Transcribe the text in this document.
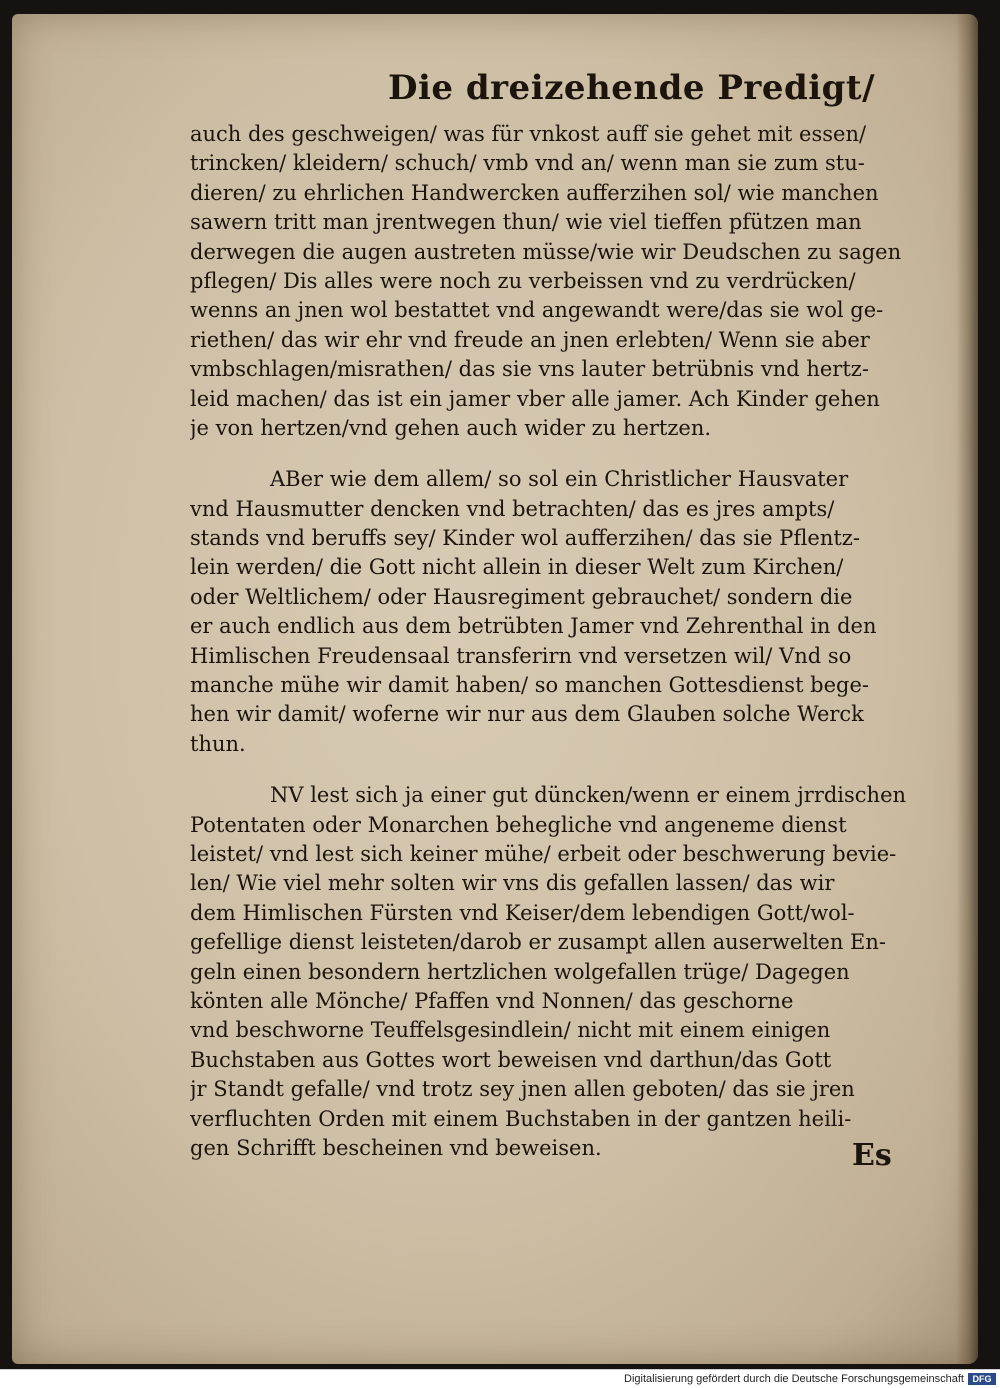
Die dreizehende Predigt/
auch des geschweigen/ was für vnkost auff sie gehet mit essen/
trincken/ kleidern/ schuch/ vmb vnd an/ wenn man sie zum stu-
dieren/ zu ehrlichen Handwercken aufferzihen sol/ wie manchen
sawern tritt man jrentwegen thun/ wie viel tieffen pfützen man
derwegen die augen austreten müsse/wie wir Deudschen zu sagen
pflegen/ Dis alles were noch zu verbeissen vnd zu verdrücken/
wenns an jnen wol bestattet vnd angewandt were/das sie wol ge-
riethen/ das wir ehr vnd freude an jnen erlebten/ Wenn sie aber
vmbschlagen/misrathen/ das sie vns lauter betrübnis vnd hertz-
leid machen/ das ist ein jamer vber alle jamer. Ach Kinder gehen
je von hertzen/vnd gehen auch wider zu hertzen.
ABer wie dem allem/ so sol ein Christlicher Hausvater
vnd Hausmutter dencken vnd betrachten/ das es jres ampts/
stands vnd beruffs sey/ Kinder wol aufferzihen/ das sie Pflentz-
lein werden/ die Gott nicht allein in dieser Welt zum Kirchen/
oder Weltlichem/ oder Hausregiment gebrauchet/ sondern die
er auch endlich aus dem betrübten Jamer vnd Zehrenthal in den
Himlischen Freudensaal transferirn vnd versetzen wil/ Vnd so
manche mühe wir damit haben/ so manchen Gottesdienst bege-
hen wir damit/ woferne wir nur aus dem Glauben solche Werck
thun.
NV lest sich ja einer gut düncken/wenn er einem jrrdischen
Potentaten oder Monarchen behegliche vnd angeneme dienst
leistet/ vnd lest sich keiner mühe/ erbeit oder beschwerung bevie-
len/ Wie viel mehr solten wir vns dis gefallen lassen/ das wir
dem Himlischen Fürsten vnd Keiser/dem lebendigen Gott/wol-
gefellige dienst leisteten/darob er zusampt allen auserwelten En-
geln einen besondern hertzlichen wolgefallen trüge/ Dagegen
könten alle Mönche/ Pfaffen vnd Nonnen/ das geschorne
vnd beschworne Teuffelsgesindlein/ nicht mit einem einigen
Buchstaben aus Gottes wort beweisen vnd darthun/das Gott
jr Standt gefalle/ vnd trotz sey jnen allen geboten/ das sie jren
verfluchten Orden mit einem Buchstaben in der gantzen heili-
gen Schrifft bescheinen vnd beweisen.	Es
Digitalisierung gefördert durch die Deutsche Forschungsgemeinschaft DFG
